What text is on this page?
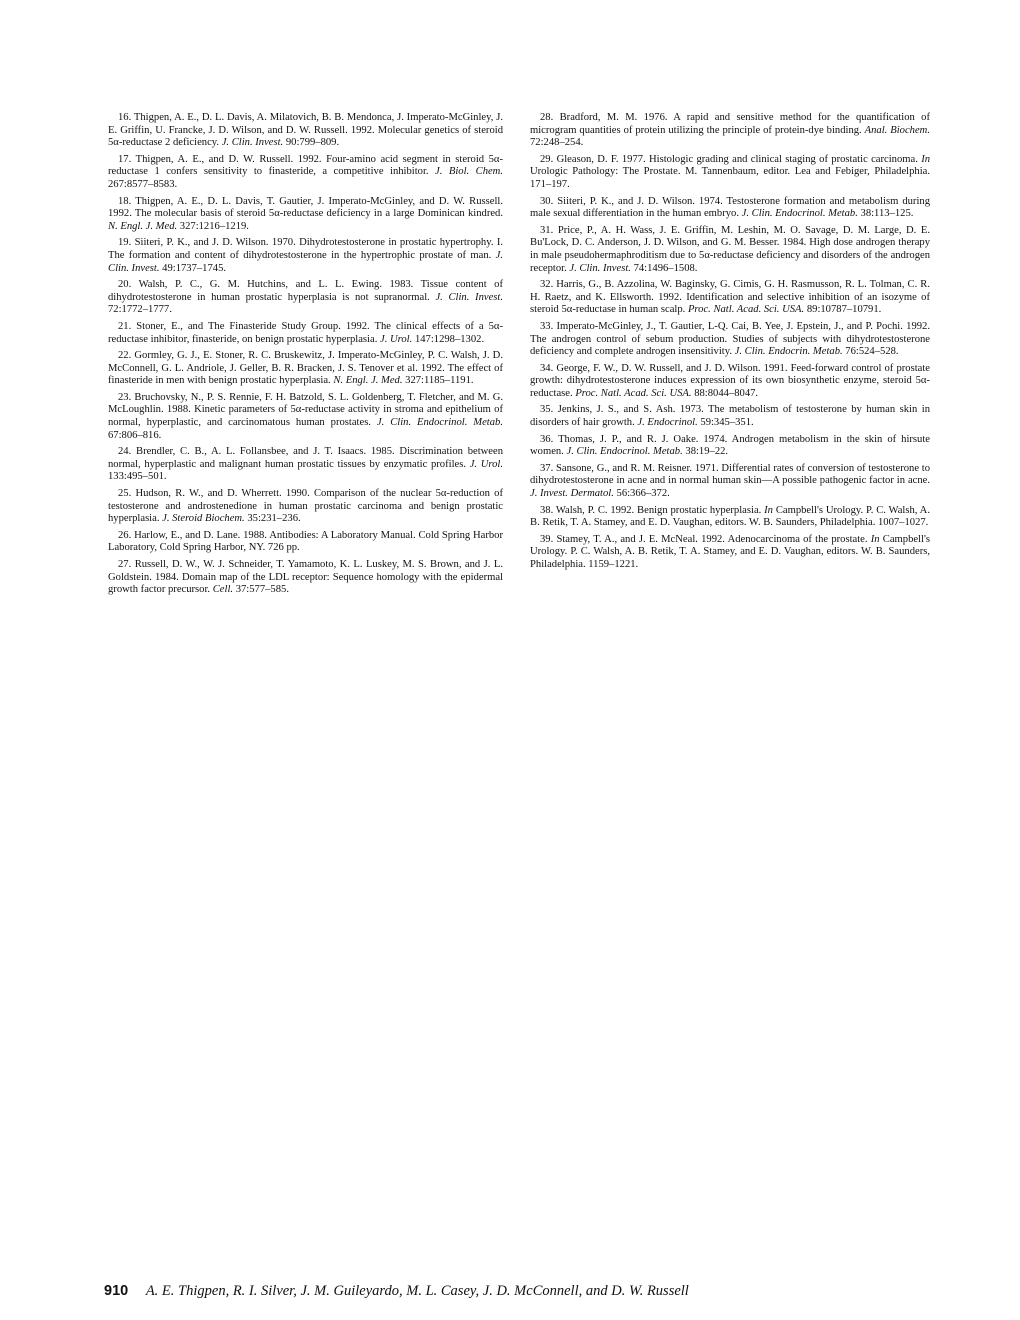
16. Thigpen, A. E., D. L. Davis, A. Milatovich, B. B. Mendonca, J. Imperato-McGinley, J. E. Griffin, U. Francke, J. D. Wilson, and D. W. Russell. 1992. Molecular genetics of steroid 5α-reductase 2 deficiency. J. Clin. Invest. 90:799–809.

17. Thigpen, A. E., and D. W. Russell. 1992. Four-amino acid segment in steroid 5α-reductase 1 confers sensitivity to finasteride, a competitive inhibitor. J. Biol. Chem. 267:8577–8583.

18. Thigpen, A. E., D. L. Davis, T. Gautier, J. Imperato-McGinley, and D. W. Russell. 1992. The molecular basis of steroid 5α-reductase deficiency in a large Dominican kindred. N. Engl. J. Med. 327:1216–1219.

19. Siiteri, P. K., and J. D. Wilson. 1970. Dihydrotestosterone in prostatic hypertrophy. I. The formation and content of dihydrotestosterone in the hypertrophic prostate of man. J. Clin. Invest. 49:1737–1745.

20. Walsh, P. C., G. M. Hutchins, and L. L. Ewing. 1983. Tissue content of dihydrotestosterone in human prostatic hyperplasia is not supranormal. J. Clin. Invest. 72:1772–1777.

21. Stoner, E., and The Finasteride Study Group. 1992. The clinical effects of a 5α-reductase inhibitor, finasteride, on benign prostatic hyperplasia. J. Urol. 147:1298–1302.

22. Gormley, G. J., E. Stoner, R. C. Bruskewitz, J. Imperato-McGinley, P. C. Walsh, J. D. McConnell, G. L. Andriole, J. Geller, B. R. Bracken, J. S. Tenover et al. 1992. The effect of finasteride in men with benign prostatic hyperplasia. N. Engl. J. Med. 327:1185–1191.

23. Bruchovsky, N., P. S. Rennie, F. H. Batzold, S. L. Goldenberg, T. Fletcher, and M. G. McLoughlin. 1988. Kinetic parameters of 5α-reductase activity in stroma and epithelium of normal, hyperplastic, and carcinomatous human prostates. J. Clin. Endocrinol. Metab. 67:806–816.

24. Brendler, C. B., A. L. Follansbee, and J. T. Isaacs. 1985. Discrimination between normal, hyperplastic and malignant human prostatic tissues by enzymatic profiles. J. Urol. 133:495–501.

25. Hudson, R. W., and D. Wherrett. 1990. Comparison of the nuclear 5α-reduction of testosterone and androstenedione in human prostatic carcinoma and benign prostatic hyperplasia. J. Steroid Biochem. 35:231–236.

26. Harlow, E., and D. Lane. 1988. Antibodies: A Laboratory Manual. Cold Spring Harbor Laboratory, Cold Spring Harbor, NY. 726 pp.

27. Russell, D. W., W. J. Schneider, T. Yamamoto, K. L. Luskey, M. S. Brown, and J. L. Goldstein. 1984. Domain map of the LDL receptor: Sequence homology with the epidermal growth factor precursor. Cell. 37:577–585.

28. Bradford, M. M. 1976. A rapid and sensitive method for the quantification of microgram quantities of protein utilizing the principle of protein-dye binding. Anal. Biochem. 72:248–254.

29. Gleason, D. F. 1977. Histologic grading and clinical staging of prostatic carcinoma. In Urologic Pathology: The Prostate. M. Tannenbaum, editor. Lea and Febiger, Philadelphia. 171–197.

30. Siiteri, P. K., and J. D. Wilson. 1974. Testosterone formation and metabolism during male sexual differentiation in the human embryo. J. Clin. Endocrinol. Metab. 38:113–125.

31. Price, P., A. H. Wass, J. E. Griffin, M. Leshin, M. O. Savage, D. M. Large, D. E. Bu'Lock, D. C. Anderson, J. D. Wilson, and G. M. Besser. 1984. High dose androgen therapy in male pseudohermaphroditism due to 5α-reductase deficiency and disorders of the androgen receptor. J. Clin. Invest. 74:1496–1508.

32. Harris, G., B. Azzolina, W. Baginsky, G. Cimis, G. H. Rasmusson, R. L. Tolman, C. R. H. Raetz, and K. Ellsworth. 1992. Identification and selective inhibition of an isozyme of steroid 5α-reductase in human scalp. Proc. Natl. Acad. Sci. USA. 89:10787–10791.

33. Imperato-McGinley, J., T. Gautier, L-Q. Cai, B. Yee, J. Epstein, J., and P. Pochi. 1992. The androgen control of sebum production. Studies of subjects with dihydrotestosterone deficiency and complete androgen insensitivity. J. Clin. Endocrin. Metab. 76:524–528.

34. George, F. W., D. W. Russell, and J. D. Wilson. 1991. Feed-forward control of prostate growth: dihydrotestosterone induces expression of its own biosynthetic enzyme, steroid 5α-reductase. Proc. Natl. Acad. Sci. USA. 88:8044–8047.

35. Jenkins, J. S., and S. Ash. 1973. The metabolism of testosterone by human skin in disorders of hair growth. J. Endocrinol. 59:345–351.

36. Thomas, J. P., and R. J. Oake. 1974. Androgen metabolism in the skin of hirsute women. J. Clin. Endocrinol. Metab. 38:19–22.

37. Sansone, G., and R. M. Reisner. 1971. Differential rates of conversion of testosterone to dihydrotestosterone in acne and in normal human skin—A possible pathogenic factor in acne. J. Invest. Dermatol. 56:366–372.

38. Walsh, P. C. 1992. Benign prostatic hyperplasia. In Campbell's Urology. P. C. Walsh, A. B. Retik, T. A. Stamey, and E. D. Vaughan, editors. W. B. Saunders, Philadelphia. 1007–1027.

39. Stamey, T. A., and J. E. McNeal. 1992. Adenocarcinoma of the prostate. In Campbell's Urology. P. C. Walsh, A. B. Retik, T. A. Stamey, and E. D. Vaughan, editors. W. B. Saunders, Philadelphia. 1159–1221.

910 A. E. Thigpen, R. I. Silver, J. M. Guileyardo, M. L. Casey, J. D. McConnell, and D. W. Russell
